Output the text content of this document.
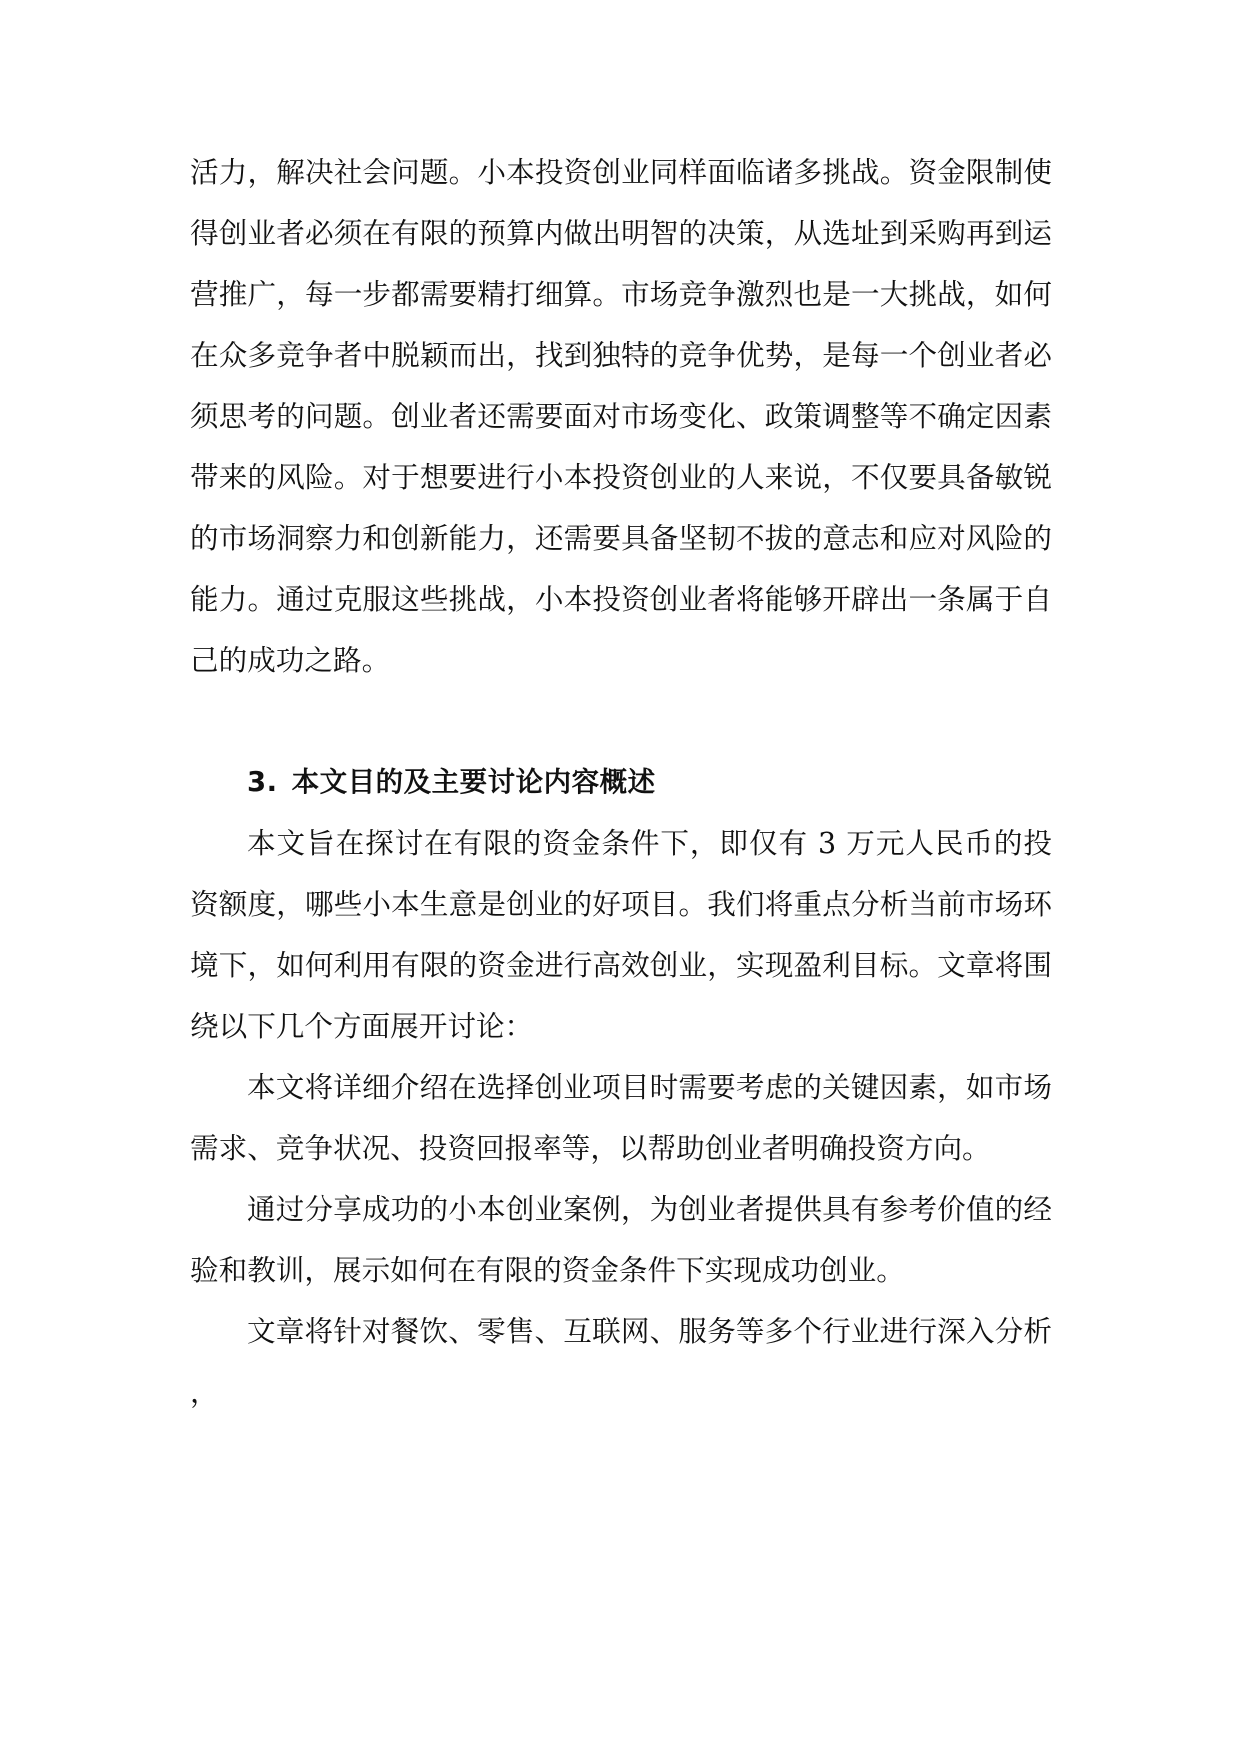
活力，解决社会问题。小本投资创业同样面临诸多挑战。资金限制使得创业者必须在有限的预算内做出明智的决策，从选址到采购再到运营推广，每一步都需要精打细算。市场竞争激烈也是一大挑战，如何在众多竞争者中脱颖而出，找到独特的竞争优势，是每一个创业者必须思考的问题。创业者还需要面对市场变化、政策调整等不确定因素带来的风险。对于想要进行小本投资创业的人来说，不仅要具备敏锐的市场洞察力和创新能力，还需要具备坚韧不拔的意志和应对风险的能力。通过克服这些挑战，小本投资创业者将能够开辟出一条属于自己的成功之路。

3. 本文目的及主要讨论内容概述

本文旨在探讨在有限的资金条件下，即仅有 3 万元人民币的投资额度，哪些小本生意是创业的好项目。我们将重点分析当前市场环境下，如何利用有限的资金进行高效创业，实现盈利目标。文章将围绕以下几个方面展开讨论：

本文将详细介绍在选择创业项目时需要考虑的关键因素，如市场需求、竞争状况、投资回报率等，以帮助创业者明确投资方向。

通过分享成功的小本创业案例，为创业者提供具有参考价值的经验和教训，展示如何在有限的资金条件下实现成功创业。

文章将针对餐饮、零售、互联网、服务等多个行业进行深入分析，
